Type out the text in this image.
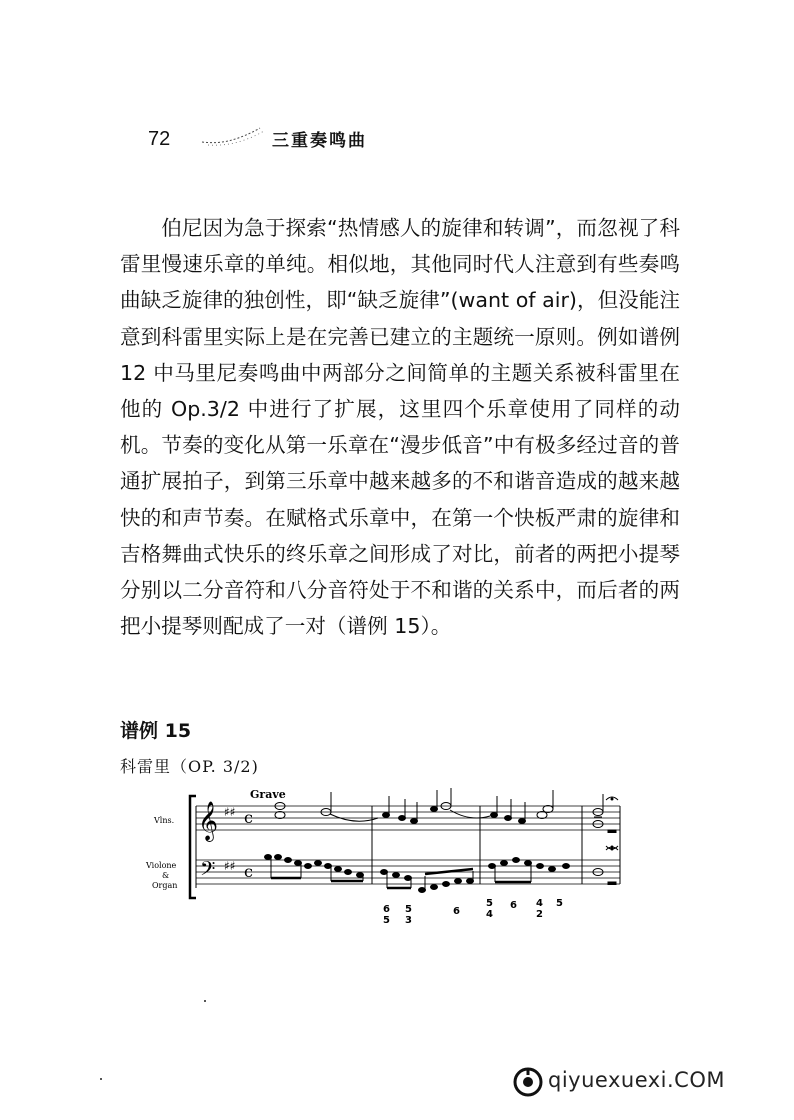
72	三重奏鸣曲

伯尼因为急于探索“热情感人的旋律和转调”，而忽视了科雷里慢速乐章的单纯。相似地，其他同时代人注意到有些奏鸣曲缺乏旋律的独创性，即“缺乏旋律”(want of air)，但没能注意到科雷里实际上是在完善已建立的主题统一原则。例如谱例 12 中马里尼奏鸣曲中两部分之间简单的主题关系被科雷里在他的 Op.3/2 中进行了扩展，这里四个乐章使用了同样的动机。节奏的变化从第一乐章在“漫步低音”中有极多经过音的普通扩展拍子，到第三乐章中越来越多的不和谐音造成的越来越快的和声节奏。在赋格式乐章中，在第一个快板严肃的旋律和吉格舞曲式快乐的终乐章之间形成了对比，前者的两把小提琴分别以二分音符和八分音符处于不和谐的关系中，而后者的两把小提琴则配成了一对（谱例 15）。

谱例 15
科雷里（OP. 3/2)
Vlns.
Violone
&
Organ
Grave
𝄞
𝄢
♯♯
♯♯
c
c
6
5
5
3
6
5
4
6 4
2
5
qiyuexuexi.COM
